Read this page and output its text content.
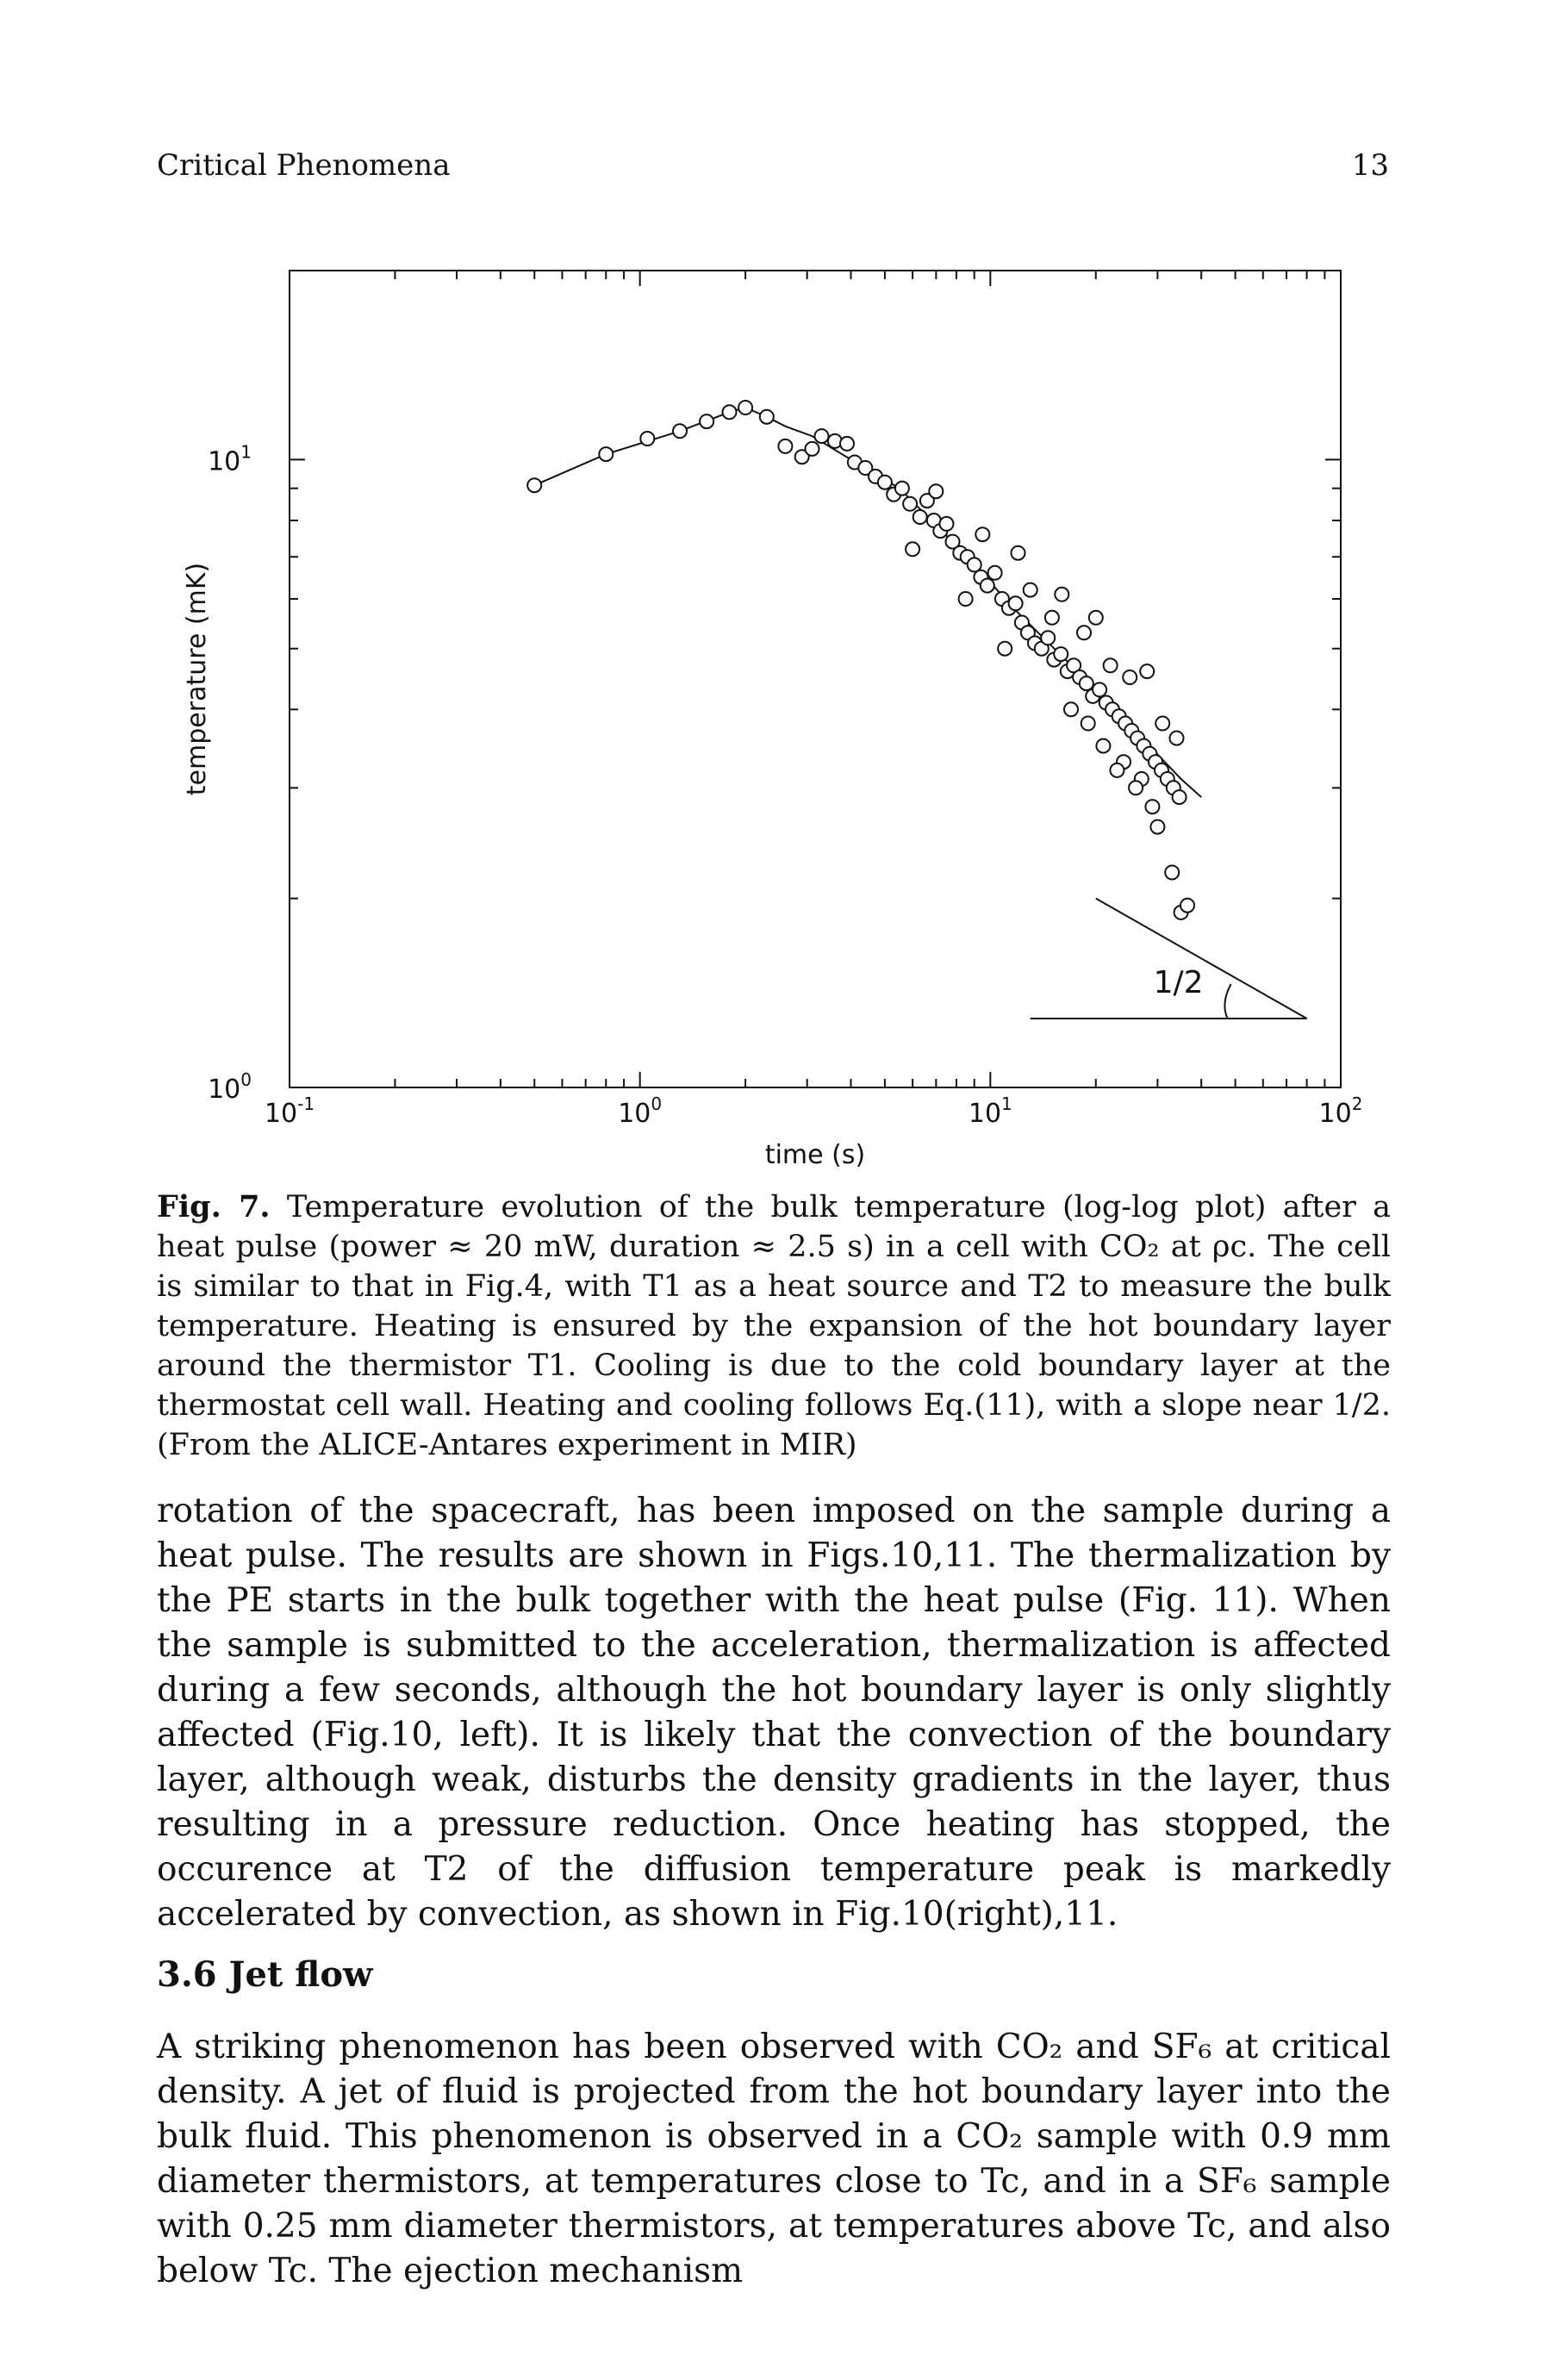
Critical Phenomena	13
$10^{-1}$	$10^0$	$10^1$	$10^2$
$10^0$
$10^1$
time (s)
temperature (mK)
1/2
Fig. 7. Temperature evolution of the bulk temperature (log-log plot) after a heat pulse (power ≈ 20 mW, duration ≈ 2.5 s) in a cell with CO₂ at ρc. The cell is similar to that in Fig.4, with T1 as a heat source and T2 to measure the bulk temperature. Heating is ensured by the expansion of the hot boundary layer around the thermistor T1. Cooling is due to the cold boundary layer at the thermostat cell wall. Heating and cooling follows Eq.(11), with a slope near 1/2. (From the ALICE-Antares experiment in MIR)

rotation of the spacecraft, has been imposed on the sample during a heat pulse. The results are shown in Figs.10,11. The thermalization by the PE starts in the bulk together with the heat pulse (Fig. 11). When the sample is submitted to the acceleration, thermalization is affected during a few seconds, although the hot boundary layer is only slightly affected (Fig.10, left). It is likely that the convection of the boundary layer, although weak, disturbs the density gradients in the layer, thus resulting in a pressure reduction. Once heating has stopped, the occurence at T2 of the diffusion temperature peak is markedly accelerated by convection, as shown in Fig.10(right),11.

3.6 Jet flow

A striking phenomenon has been observed with CO₂ and SF₆ at critical density. A jet of fluid is projected from the hot boundary layer into the bulk fluid. This phenomenon is observed in a CO₂ sample with 0.9 mm diameter thermistors, at temperatures close to Tc, and in a SF₆ sample with 0.25 mm diameter thermistors, at temperatures above Tc, and also below Tc. The ejection mechanism
